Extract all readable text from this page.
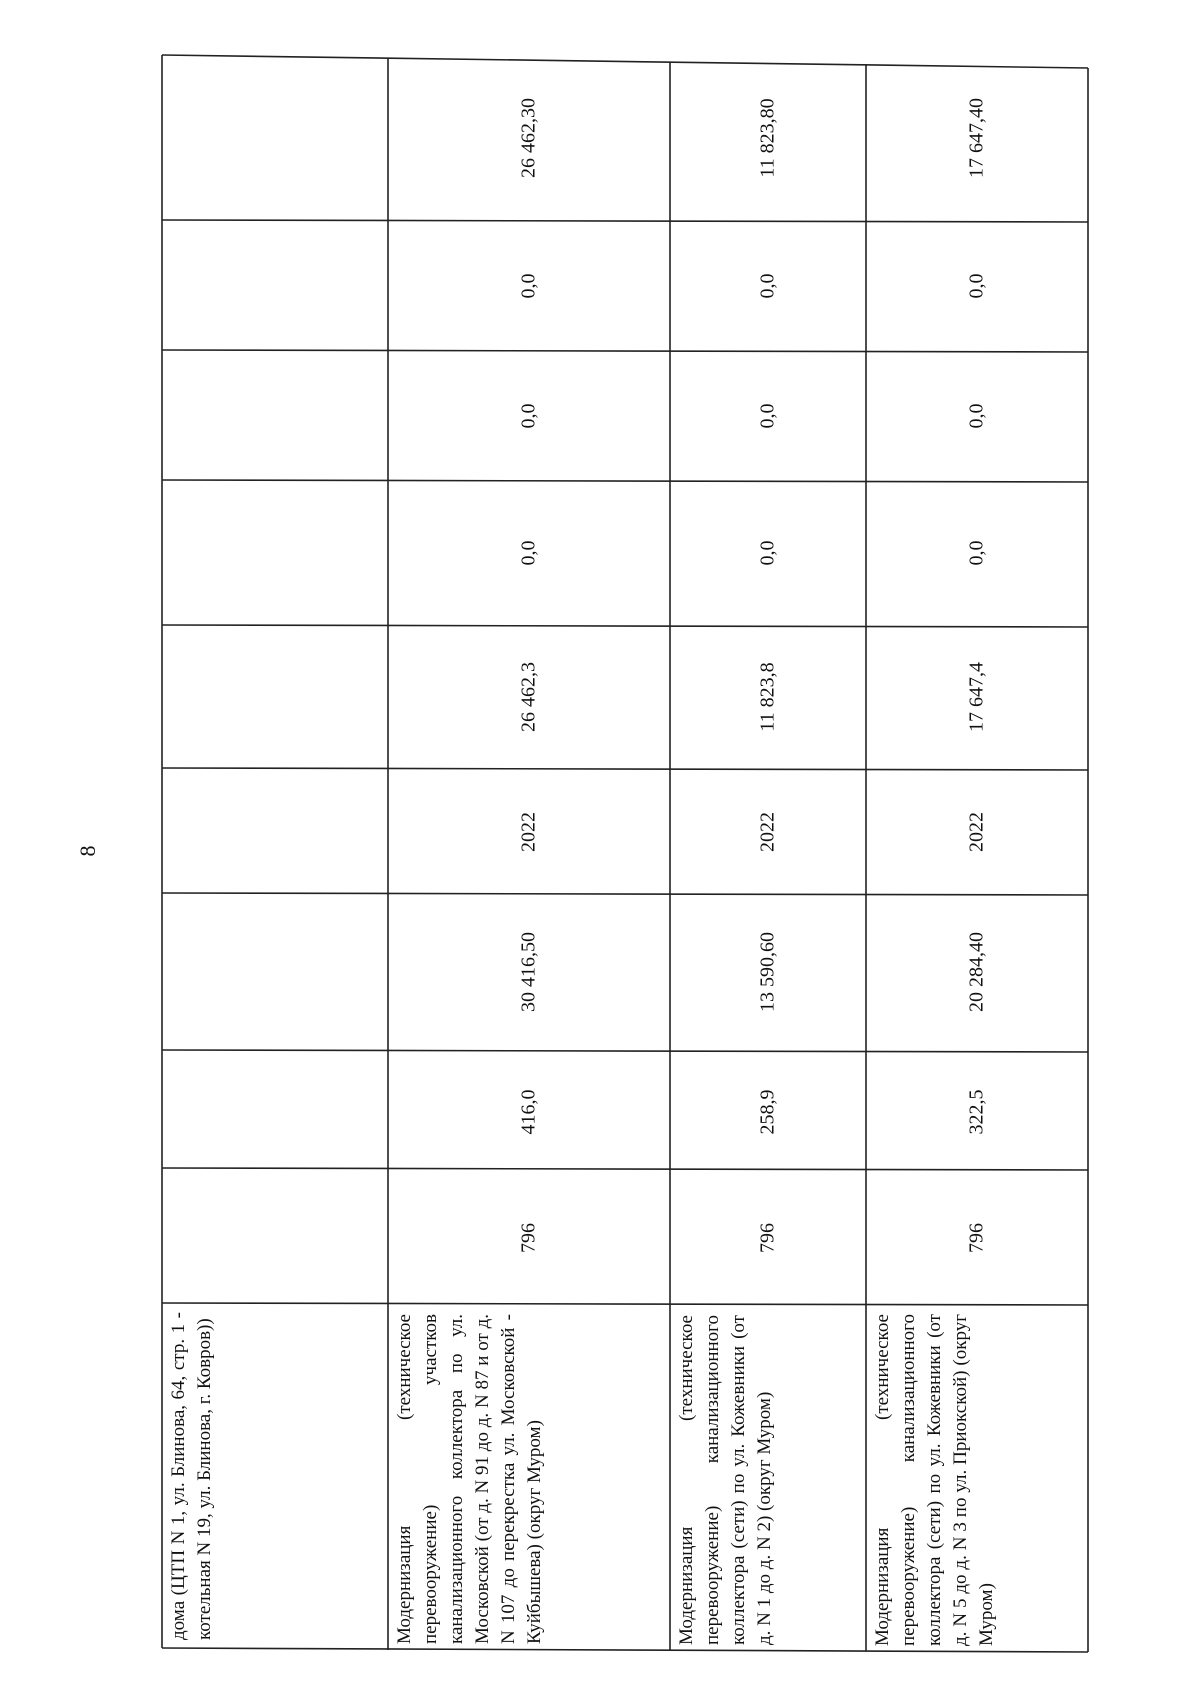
8
дома (ЦТП N 1, ул. Блинова, 64, стр. 1 - котельная N 19, ул. Блинова, г. Ковров))	Модернизация (техническое перевооружение) участков канализационного коллектора по ул. Московской (от д. N 91 до д. N 87 и от д. N 107 до перекрестка ул. Московской - Куйбышева) (округ Муром)
796
416,0
30 416,50
2022
26 462,3
0,0
0,0
0,0
26 462,30
Модернизация (техническое перевооружение) канализационного коллектора (сети) по ул. Кожевники (от д. N 1 до д. N 2) (округ Муром)
796
258,9
13 590,60
2022
11 823,8
0,0
0,0
0,0
11 823,80
Модернизация (техническое перевооружение) канализационного коллектора (сети) по ул. Кожевники (от д. N 5 до д. N 3 по ул. Приокской) (округ Муром)
796
322,5
20 284,40
2022
17 647,4
0,0
0,0
0,0
17 647,40
